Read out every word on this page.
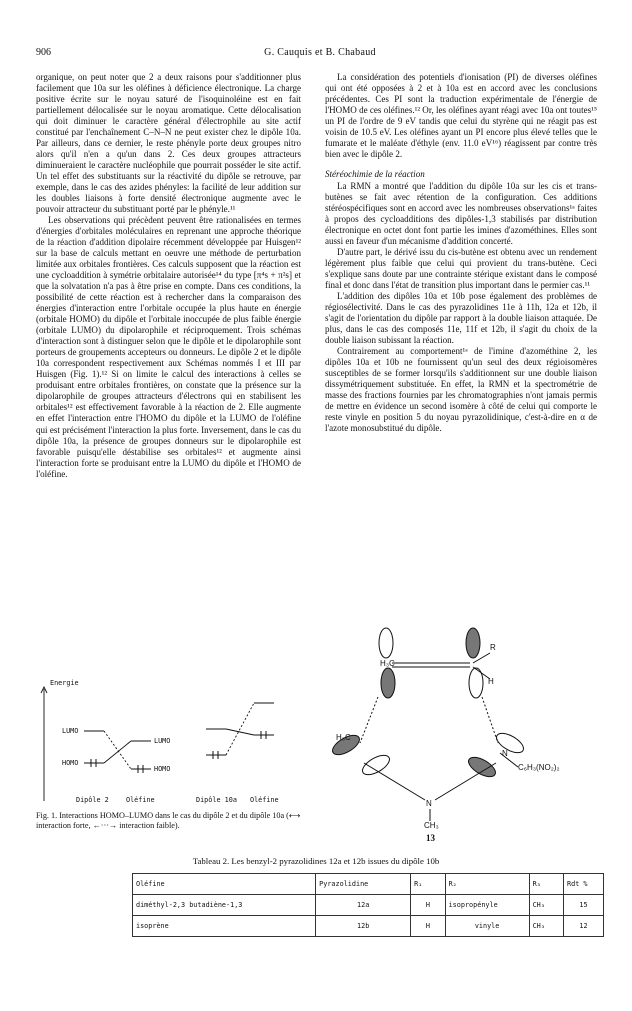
906	G. Cauquis et B. Chabaud

organique, on peut noter que 2 a deux raisons pour s'additionner plus facilement que 10a sur les oléfines à déficience électronique. La charge positive écrite sur le noyau saturé de l'isoquinoléine est en fait partiellement délocalisée sur le noyau aromatique. Cette délocalisation qui doit diminuer le caractère général d'électrophile au site actif constitué par l'enchaînement C–N–N ne peut exister chez le dipôle 10a. Par ailleurs, dans ce dernier, le reste phényle porte deux groupes nitro alors qu'il n'en a qu'un dans 2. Ces deux groupes attracteurs diminueraient le caractère nucléophile que pourrait posséder le site actif. Un tel effet des substituants sur la réactivité du dipôle se retrouve, par exemple, dans le cas des azides phényles: la facilité de leur addition sur les doubles liaisons à forte densité électronique augmente avec le pouvoir attracteur du substituant porté par le phényle.¹¹

Les observations qui précèdent peuvent être rationalisées en termes d'énergies d'orbitales moléculaires en reprenant une approche théorique de la réaction d'addition dipolaire récemment développée par Huisgen¹² sur la base de calculs mettant en oeuvre une méthode de perturbation limitée aux orbitales frontières. Ces calculs supposent que la réaction est une cycloaddition à symétrie orbitalaire autorisée¹⁴ du type [π⁴s + π²s] et que la solvatation n'a pas à être prise en compte. Dans ces conditions, la possibilité de cette réaction est à rechercher dans la comparaison des énergies d'interaction entre l'orbitale occupée la plus haute en énergie (orbitale HOMO) du dipôle et l'orbitale inoccupée de plus faible énergie (orbitale LUMO) du dipolarophile et réciproquement. Trois schémas d'interaction sont à distinguer selon que le dipôle et le dipolarophile sont porteurs de groupements accepteurs ou donneurs. Le dipôle 2 et le dipôle 10a correspondent respectivement aux Schémas nommés I et III par Huisgen (Fig. 1).¹² Si on limite le calcul des interactions à celles se produisant entre orbitales frontières, on constate que la présence sur la dipolarophile de groupes attracteurs d'électrons qui en stabilisent les orbitales¹² est effectivement favorable à la réaction de 2. Elle augmente en effet l'interaction entre l'HOMO du dipôle et la LUMO de l'oléfine qui est précisément l'interaction la plus forte. Inversement, dans le cas du dipôle 10a, la présence de groupes donneurs sur le dipolarophile est favorable puisqu'elle déstabilise ses orbitales¹² et augmente ainsi l'interaction forte se produisant entre la LUMO du dipôle et l'HOMO de l'oléfine.

La considération des potentiels d'ionisation (PI) de diverses oléfines qui ont été opposées à 2 et à 10a est en accord avec les conclusions précédentes. Ces PI sont la traduction expérimentale de l'énergie de l'HOMO de ces oléfines.¹² Or, les oléfines ayant réagi avec 10a ont toutes¹⁵ un PI de l'ordre de 9 eV tandis que celui du styrène qui ne réagit pas est voisin de 10.5 eV. Les oléfines ayant un PI encore plus élevé telles que le fumarate et le maléate d'éthyle (env. 11.0 eV¹⁶) réagissent par contre très bien avec le dipôle 2.

Stéréochimie de la réaction

La RMN a montré que l'addition du dipôle 10a sur les cis et trans-butènes se fait avec rétention de la configuration. Ces additions stéréospécifiques sont en accord avec les nombreuses observations¹ᵃ faites à propos des cycloadditions des dipôles-1,3 stabilisés par distribution électronique en octet dont font partie les imines d'azométhines. Elles sont aussi en faveur d'un mécanisme d'addition concerté.

D'autre part, le dérivé issu du cis-butène est obtenu avec un rendement légèrement plus faible que celui qui provient du trans-butène. Ceci s'explique sans doute par une contrainte stérique existant dans le composé final et donc dans l'état de transition plus important dans le permier cas.¹¹

L'addition des dipôles 10a et 10b pose également des problèmes de régiosélectivité. Dans le cas des pyrazolidines 11e à 11h, 12a et 12b, il s'agit de l'orientation du dipôle par rapport à la double liaison attaquée. De plus, dans le cas des composés 11e, 11f et 12b, il s'agit du choix de la double liaison subissant la réaction.

Contrairement au comportement¹ᵃ de l'imine d'azométhine 2, les dipôles 10a et 10b ne fournissent qu'un seul des deux régioisomères susceptibles de se former lorsqu'ils s'additionnent sur une double liaison dissymétriquement substituée. En effet, la RMN et la spectrométrie de masse des fractions fournies par les chromatographies n'ont jamais permis de mettre en évidence un second isomère à côté de celui qui comporte le reste vinyle en position 5 du noyau pyrazolidinique, c'est-à-dire en α de l'azote monosubstitué du dipôle.

Energie
LUMO
HOMO
LUMO
HOMO
Dipôle 2	Oléfine	Dipôle 10a Oléfine
Fig. 1. Interactions HOMO–LUMO dans le cas du dipôle 2 et du dipôle 10a (⟷ interaction forte, ←···→ interaction faible).
H₃C
R
H
H₃C
N
C₆H₃(NO₂)₂
N
CH₃
13
Tableau 2. Les benzyl-2 pyrazolidines 12a et 12b issues du dipôle 10b
Oléfine	Pyrazolidine	R₁	R₂	R₃	Rdt %
diméthyl-2,3 butadiène-1,3	12a	H	isopropényle	CH₃	15
isoprène	12b	H	vinyle	CH₃	12
